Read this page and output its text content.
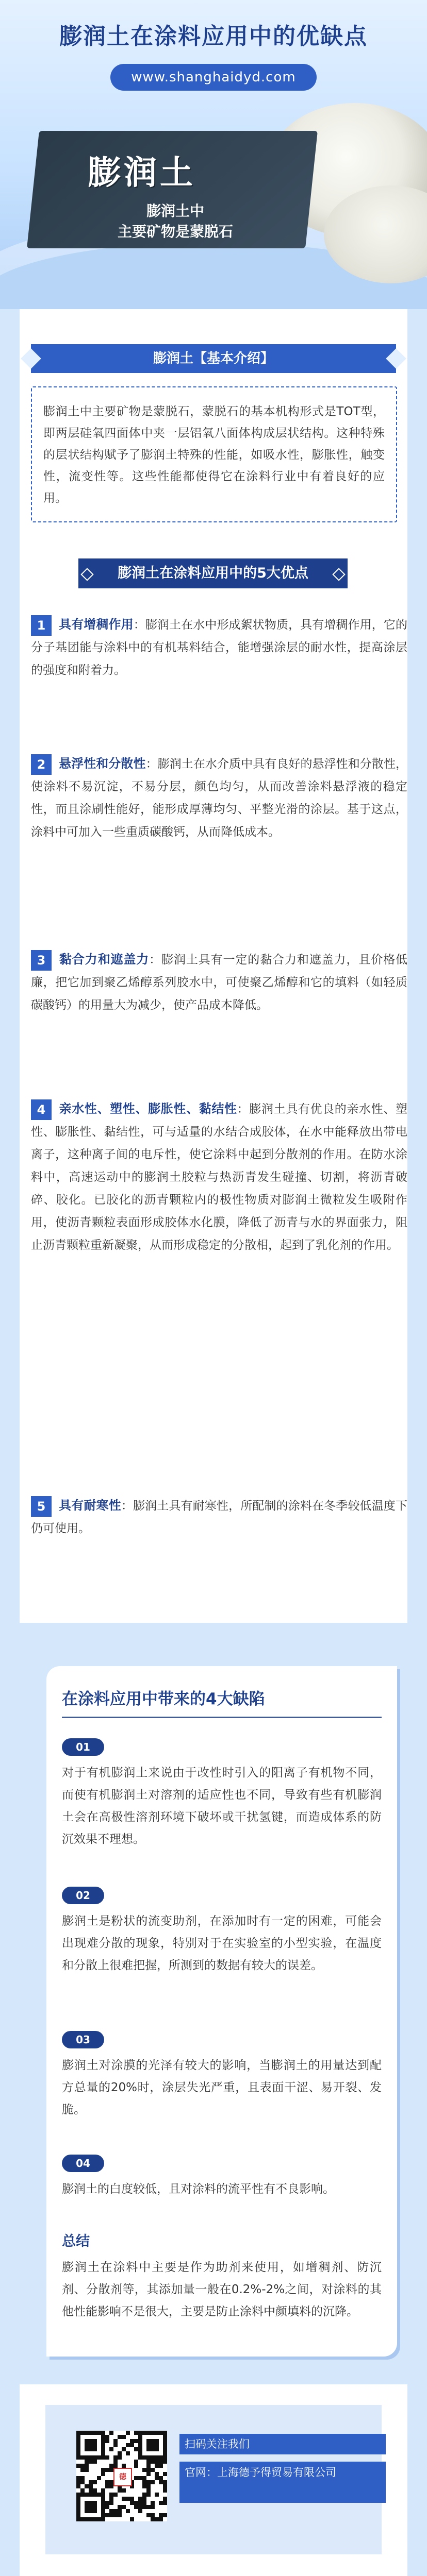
膨润土在涂料应用中的优缺点
www.shanghaidyd.com
膨润土
膨润土中
主要矿物是蒙脱石
膨润土【基本介绍】
膨润土中主要矿物是蒙脱石，蒙脱石的基本机构形式是TOT型，即两层硅氧四面体中夹一层铝氧八面体构成层状结构。这种特殊的层状结构赋予了膨润土特殊的性能，如吸水性，膨胀性，触变性，流变性等。这些性能都使得它在涂料行业中有着良好的应用。
膨润土在涂料应用中的5大优点
1 具有增稠作用：膨润土在水中形成絮状物质，具有增稠作用，它的分子基团能与涂料中的有机基料结合，能增强涂层的耐水性，提高涂层的强度和附着力。
2 悬浮性和分散性：膨润土在水介质中具有良好的悬浮性和分散性，使涂料不易沉淀，不易分层，颜色均匀，从而改善涂料悬浮液的稳定性，而且涂刷性能好，能形成厚薄均匀、平整光滑的涂层。基于这点，涂料中可加入一些重质碳酸钙，从而降低成本。
3 黏合力和遮盖力：膨润土具有一定的黏合力和遮盖力，且价格低廉，把它加到聚乙烯醇系列胶水中，可使聚乙烯醇和它的填料（如轻质碳酸钙）的用量大为减少，使产品成本降低。
4 亲水性、塑性、膨胀性、黏结性：膨润土具有优良的亲水性、塑性、膨胀性、黏结性，可与适量的水结合成胶体，在水中能释放出带电离子，这种离子间的电斥性，使它涂料中起到分散剂的作用。在防水涂料中，高速运动中的膨润土胶粒与热沥青发生碰撞、切割，将沥青破碎、胶化。已胶化的沥青颗粒内的极性物质对膨润土微粒发生吸附作用，使沥青颗粒表面形成胶体水化膜，降低了沥青与水的界面张力，阻止沥青颗粒重新凝聚，从而形成稳定的分散相，起到了乳化剂的作用。
5 具有耐寒性：膨润土具有耐寒性，所配制的涂料在冬季较低温度下仍可使用。
在涂料应用中带来的4大缺陷
01
对于有机膨润土来说由于改性时引入的阳离子有机物不同，而使有机膨润土对溶剂的适应性也不同，导致有些有机膨润土会在高极性溶剂环境下破坏或干扰氢键，而造成体系的防沉效果不理想。
02
膨润土是粉状的流变助剂，在添加时有一定的困难，可能会出现难分散的现象，特别对于在实验室的小型实验，在温度和分散上很难把握，所测到的数据有较大的误差。
03
膨润土对涂膜的光泽有较大的影响，当膨润土的用量达到配方总量的20%时，涂层失光严重，且表面干涩、易开裂、发脆。
04
膨润土的白度较低，且对涂料的流平性有不良影响。
总结
膨润土在涂料中主要是作为助剂来使用，如增稠剂、防沉剂、分散剂等，其添加量一般在0.2%-2%之间，对涂料的其他性能影响不是很大，主要是防止涂料中颜填料的沉降。
德
扫码关注我们
官网：上海德予得贸易有限公司
